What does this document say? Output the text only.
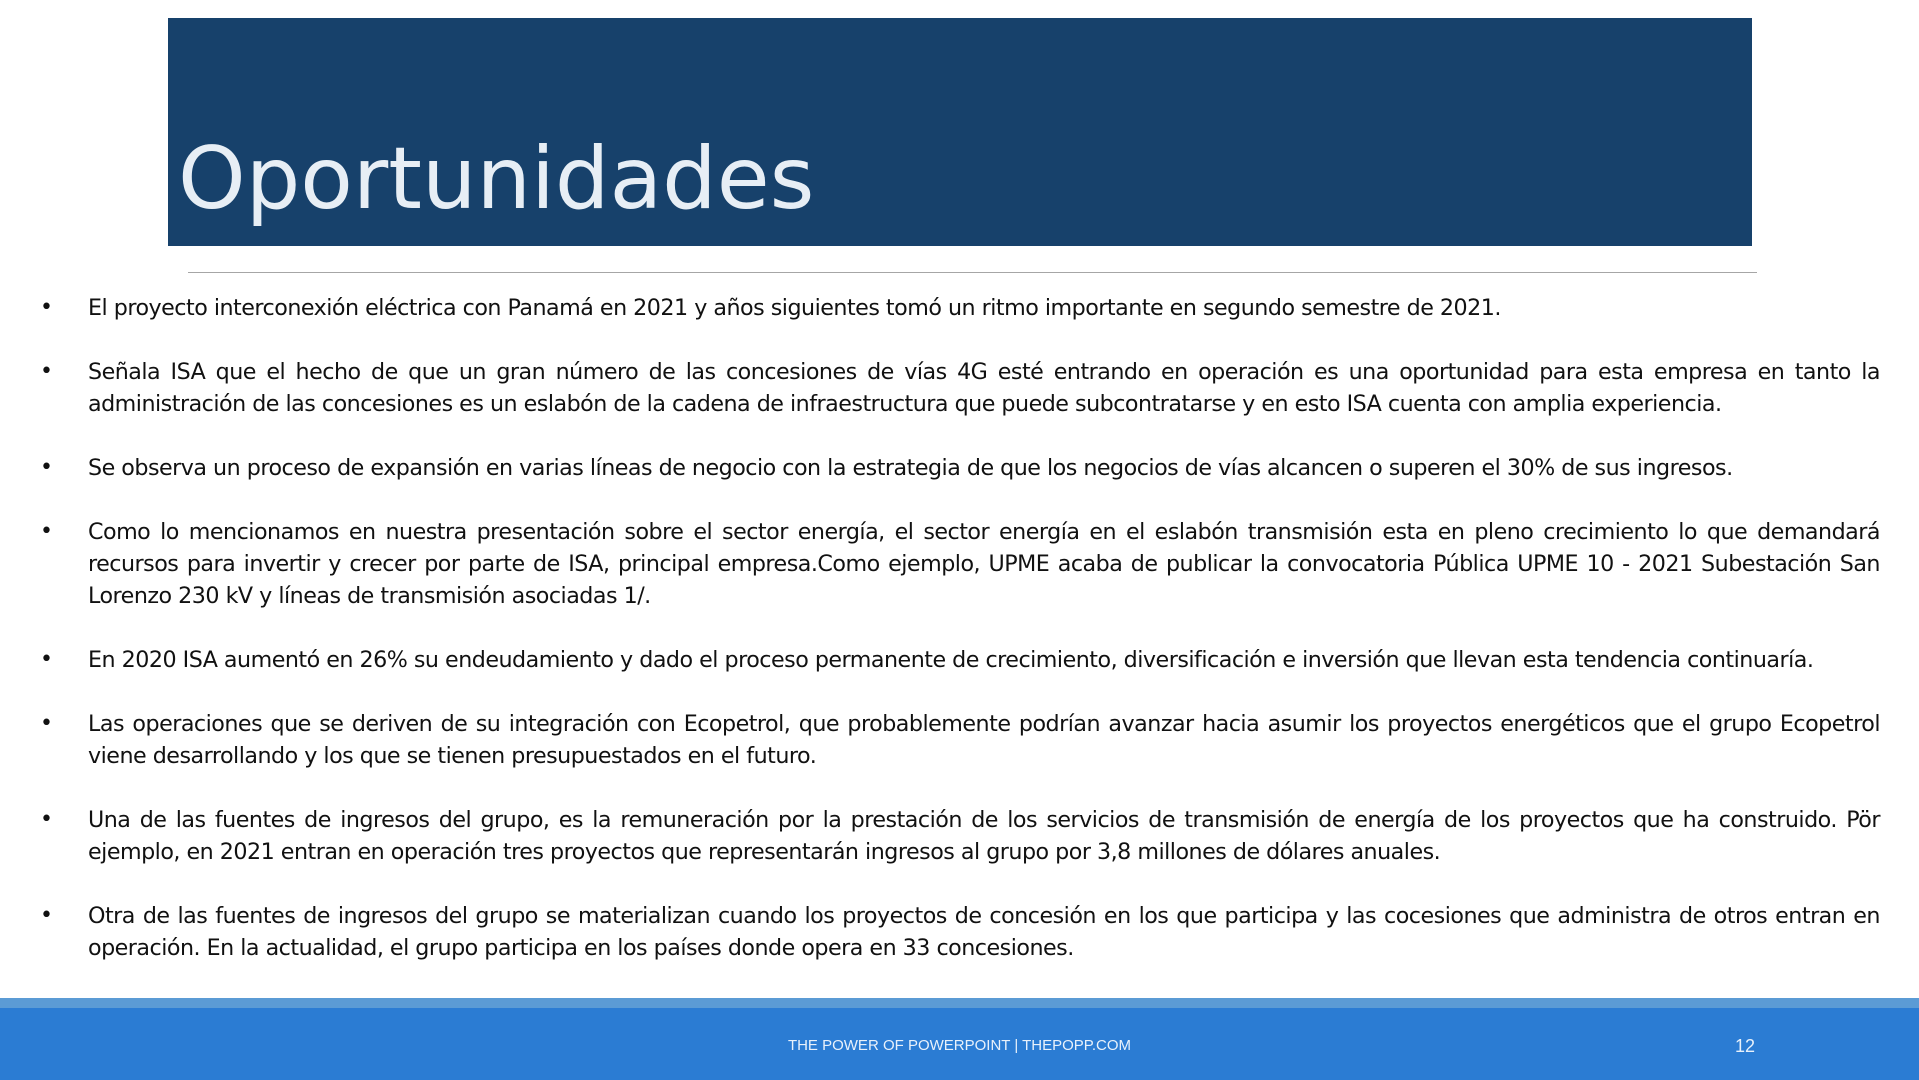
Oportunidades
•	El proyecto interconexión eléctrica con Panamá en 2021 y años siguientes tomó un ritmo importante en segundo semestre de 2021.
•	Señala ISA que el hecho de que un gran número de las concesiones de vías 4G esté entrando en operación es una oportunidad para esta empresa en tanto la administración de las concesiones es un eslabón de la cadena de infraestructura que puede subcontratarse y en esto ISA cuenta con amplia experiencia.
•	Se observa un proceso de expansión en varias líneas de negocio con la estrategia de que los negocios de vías alcancen o superen el 30% de sus ingresos.
•	Como lo mencionamos en nuestra presentación sobre el sector energía, el sector energía en el eslabón transmisión esta en pleno crecimiento lo que demandará recursos para invertir y crecer por parte de ISA, principal empresa.Como ejemplo, UPME acaba de publicar la convocatoria Pública UPME 10 - 2021 Subestación San Lorenzo 230 kV y líneas de transmisión asociadas 1/.
•	En 2020 ISA aumentó en 26% su endeudamiento y dado el proceso permanente de crecimiento, diversificación e inversión que llevan esta tendencia continuaría.
•	Las operaciones que se deriven de su integración con Ecopetrol, que probablemente podrían avanzar hacia asumir los proyectos energéticos que el grupo Ecopetrol viene desarrollando y los que se tienen presupuestados en el futuro.
•	Una de las fuentes de ingresos del grupo, es la remuneración por la prestación de los servicios de transmisión de energía de los proyectos que ha construido. Pör ejemplo, en 2021 entran en operación tres proyectos que representarán ingresos al grupo por 3,8 millones de dólares anuales.
•	Otra de las fuentes de ingresos del grupo se materializan cuando los proyectos de concesión en los que participa y las cocesiones que administra de otros entran en operación. En la actualidad, el grupo participa en los países donde opera en 33 concesiones.
THE POWER OF POWERPOINT | THEPOPP.COM	12
